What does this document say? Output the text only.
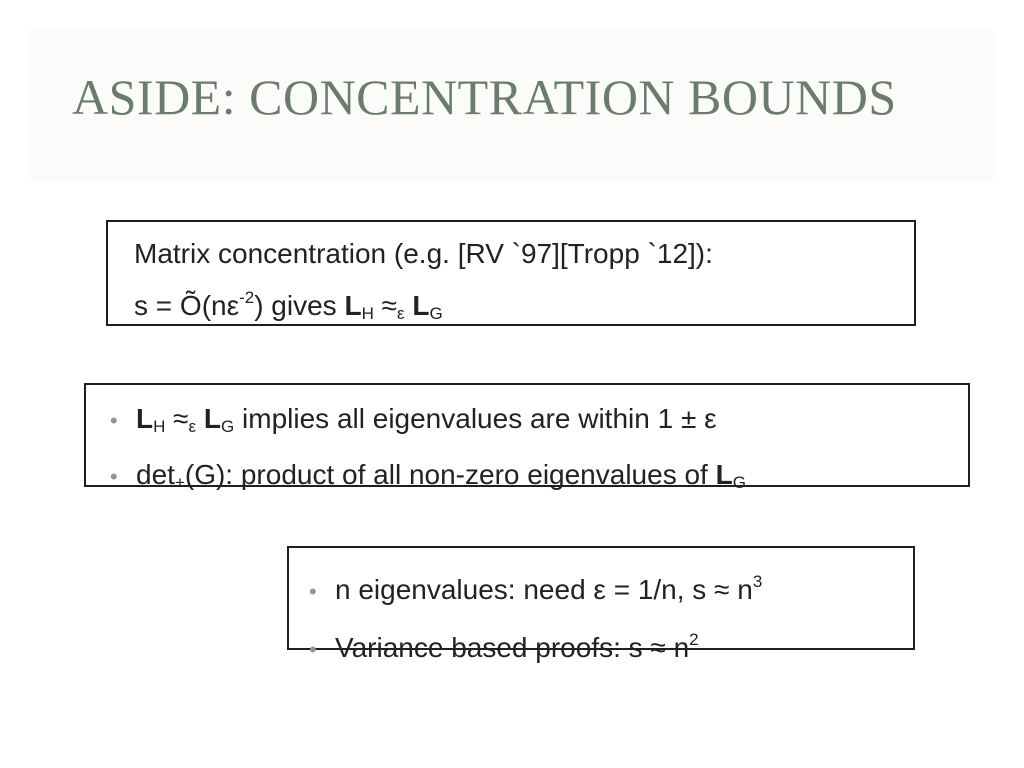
ASIDE: CONCENTRATION BOUNDS
Matrix concentration (e.g. [RV `97][Tropp `12]):
$s = Õ(n\varepsilon^{-2})$ gives $L_H \approx_\varepsilon$ $L_G$
• $L_H \approx_\varepsilon$ $L_G$ implies all eigenvalues are within 1 ± ε
• $\det_+(G)$: product of all non-zero eigenvalues of $L_G$
• n eigenvalues: need ε = 1/n, $s \approx n^3$
• Variance based proofs: $s \approx n^2$
